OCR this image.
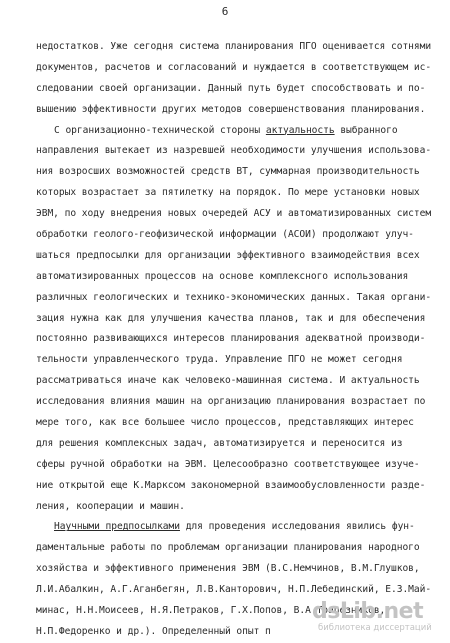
6
недостатков. Уже сегодня система планирования ПГО оценивается сотнями
документов, расчетов и согласований и нуждается в соответствующем ис-
следовании своей организации. Данный путь будет способствовать и по-
вышению эффективности других методов совершенствования планирования.
С организационно-технической стороны актуальность выбранного
направления вытекает из назревшей необходимости улучшения использова-
ния возросших возможностей средств ВТ, суммарная производительность
которых возрастает за пятилетку на порядок. По мере установки новых
ЭВМ, по ходу внедрения новых очередей АСУ и автоматизированных систем
обработки геолого-геофизической информации (АСОИ) продолжают улуч-
шаться предпосылки для организации эффективного взаимодействия всех
автоматизированных процессов на основе комплексного использования
различных геологических и технико-экономических данных. Такая органи-
зация нужна как для улучшения качества планов, так и для обеспечения
постоянно развивающихся интересов планирования адекватной производи-
тельности управленческого труда. Управление ПГО не может сегодня
рассматриваться иначе как человеко-машинная система. И актуальность
исследования влияния машин на организацию планирования возрастает по
мере того, как все большее число процессов, представляющих интерес
для решения комплексных задач, автоматизируется и переносится из
сферы ручной обработки на ЭВМ. Целесообразно соответствующее изуче-
ние открытой еще К.Марксом закономерной взаимообусловленности разде-
ления, кооперации и машин.
Научными предпосылками для проведения исследования явились фун-
даментальные работы по проблемам организации планирования народного
хозяйства и эффективного применения ЭВМ (В.С.Немчинов, В.М.Глушков,
Л.И.Абалкин, А.Г.Аганбегян, Л.В.Канторович, Н.П.Лебединский, Е.З.Май-
минас, Н.Н.Моисеев, Н.Я.Петраков, Г.Х.Попов, В.А.Трапезников,
Н.П.Федоренко и др.). Определенный опыт п
dsLib.net
библиотека диссертаций
